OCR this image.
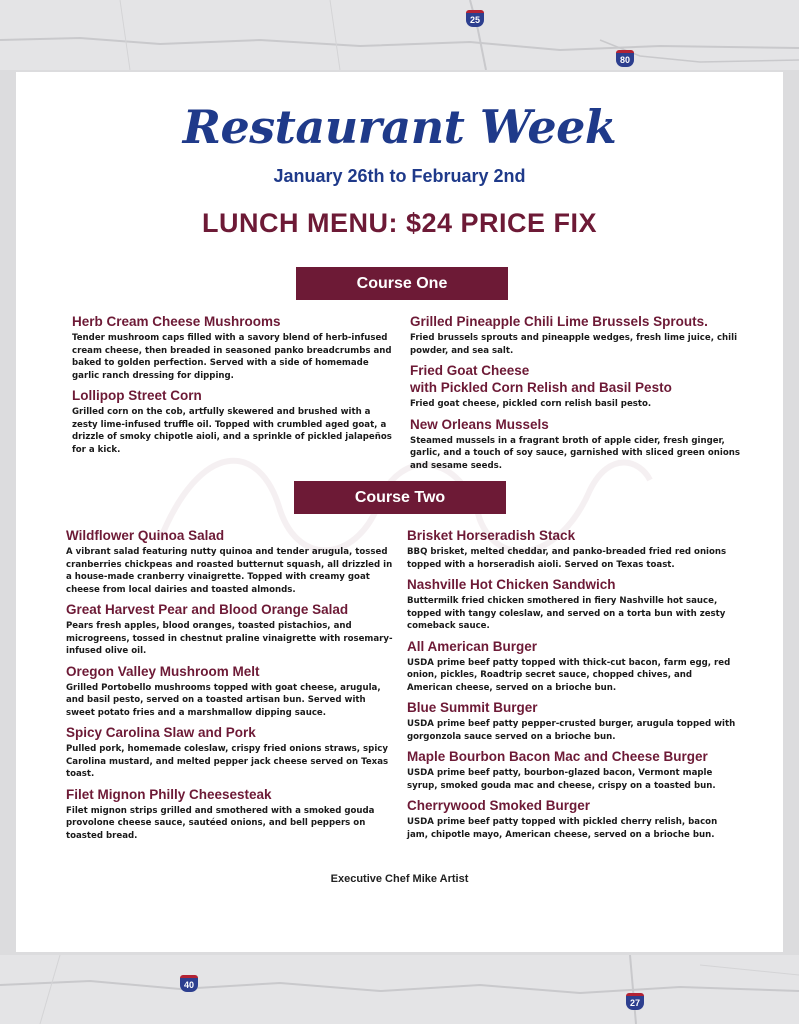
25
80
40
27
Restaurant Week
January 26th to February 2nd
LUNCH MENU: $24 PRICE FIX
Course One
Herb Cream Cheese Mushrooms
Tender mushroom caps filled with a savory blend of herb-infused cream cheese, then breaded in seasoned panko breadcrumbs and baked to golden perfection. Served with a side of homemade garlic ranch dressing for dipping.
Lollipop Street Corn
Grilled corn on the cob, artfully skewered and brushed with a zesty lime-infused truffle oil. Topped with crumbled aged goat, a drizzle of smoky chipotle aioli, and a sprinkle of pickled jalapeños for a kick.
Grilled Pineapple Chili Lime Brussels Sprouts.
Fried brussels sprouts and pineapple wedges, fresh lime juice, chili powder, and sea salt.
Fried Goat Cheese
with Pickled Corn Relish and Basil Pesto
Fried goat cheese, pickled corn relish basil pesto.
New Orleans Mussels
Steamed mussels in a fragrant broth of apple cider, fresh ginger, garlic, and a touch of soy sauce, garnished with sliced green onions and sesame seeds.
Course Two
Wildflower Quinoa Salad
A vibrant salad featuring nutty quinoa and tender arugula, tossed cranberries chickpeas and roasted butternut squash, all drizzled in a house-made cranberry vinaigrette. Topped with creamy goat cheese from local dairies and toasted almonds.
Great Harvest Pear and Blood Orange Salad
Pears fresh apples, blood oranges, toasted pistachios, and microgreens, tossed in chestnut praline vinaigrette with rosemary-infused olive oil.
Oregon Valley Mushroom Melt
Grilled Portobello mushrooms topped with goat cheese, arugula, and basil pesto, served on a toasted artisan bun. Served with sweet potato fries and a marshmallow dipping sauce.
Spicy Carolina Slaw and Pork
Pulled pork, homemade coleslaw, crispy fried onions straws, spicy Carolina mustard, and melted pepper jack cheese served on Texas toast.
Filet Mignon Philly Cheesesteak
Filet mignon strips grilled and smothered with a smoked gouda provolone cheese sauce, sautéed onions, and bell peppers on toasted bread.
Brisket Horseradish Stack
BBQ brisket, melted cheddar, and panko-breaded fried red onions topped with a horseradish aioli. Served on Texas toast.
Nashville Hot Chicken Sandwich
Buttermilk fried chicken smothered in fiery Nashville hot sauce, topped with tangy coleslaw, and served on a torta bun with zesty comeback sauce.
All American Burger
USDA prime beef patty topped with thick-cut bacon, farm egg, red onion, pickles, Roadtrip secret sauce, chopped chives, and American cheese, served on a brioche bun.
Blue Summit Burger
USDA prime beef patty pepper-crusted burger, arugula topped with gorgonzola sauce served on a brioche bun.
Maple Bourbon Bacon Mac and Cheese Burger
USDA prime beef patty, bourbon-glazed bacon, Vermont maple syrup, smoked gouda mac and cheese, crispy on a toasted bun.
Cherrywood Smoked Burger
USDA prime beef patty topped with pickled cherry relish, bacon jam, chipotle mayo, American cheese, served on a brioche bun.
Executive Chef Mike Artist
